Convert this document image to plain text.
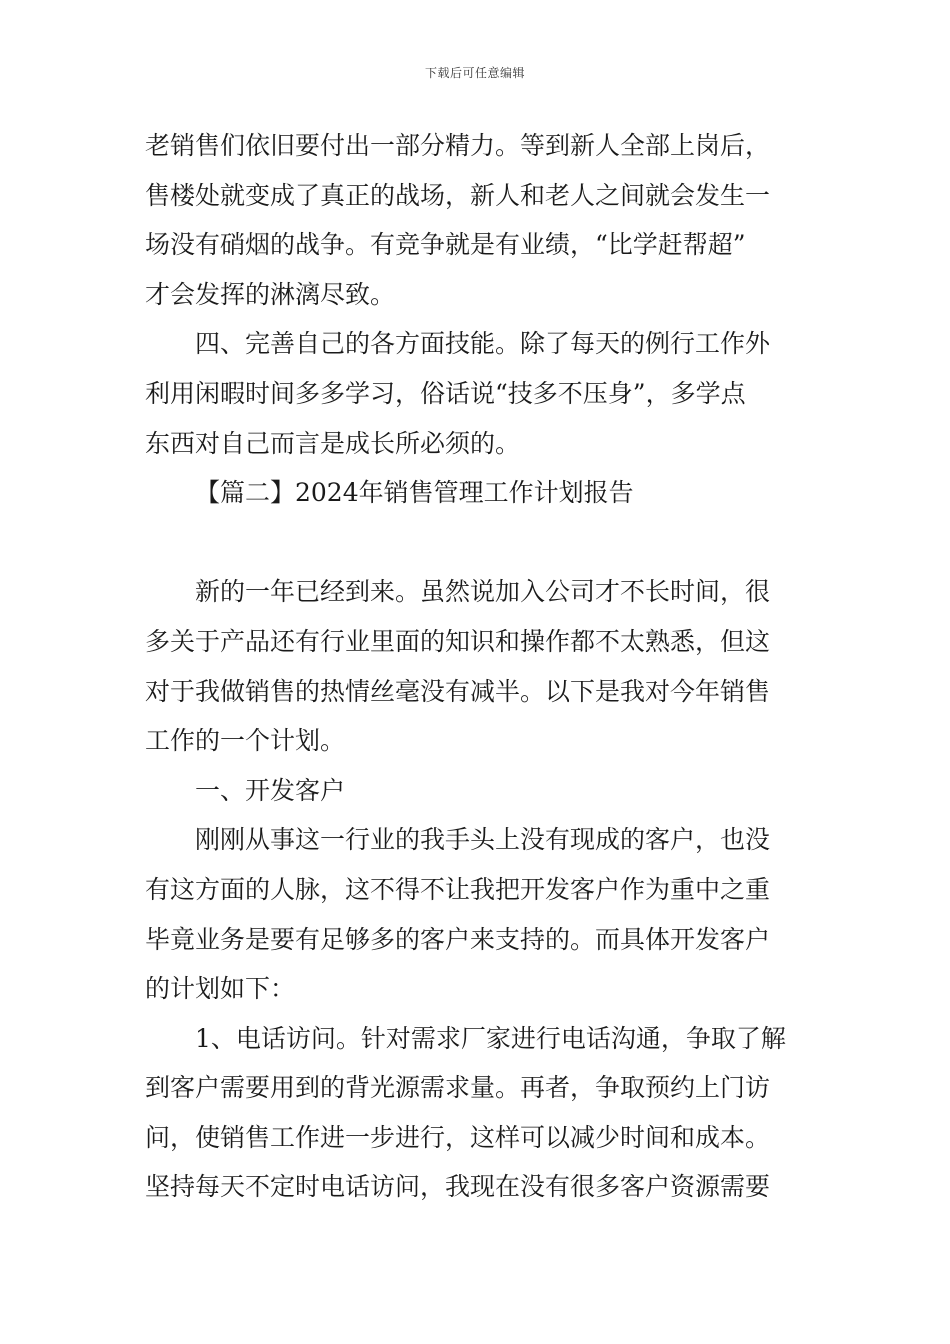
下载后可任意编辑
老销售们依旧要付出一部分精力。等到新人全部上岗后，
售楼处就变成了真正的战场，新人和老人之间就会发生一
场没有硝烟的战争。有竞争就是有业绩，“比学赶帮超”
才会发挥的淋漓尽致。
四、完善自己的各方面技能。除了每天的例行工作外
利用闲暇时间多多学习，俗话说“技多不压身”，多学点
东西对自己而言是成长所必须的。
【篇二】2024年销售管理工作计划报告
新的一年已经到来。虽然说加入公司才不长时间，很
多关于产品还有行业里面的知识和操作都不太熟悉，但这
对于我做销售的热情丝毫没有减半。以下是我对今年销售
工作的一个计划。
一、开发客户
刚刚从事这一行业的我手头上没有现成的客户，也没
有这方面的人脉，这不得不让我把开发客户作为重中之重
毕竟业务是要有足够多的客户来支持的。而具体开发客户
的计划如下：
1、电话访问。针对需求厂家进行电话沟通，争取了解
到客户需要用到的背光源需求量。再者，争取预约上门访
问，使销售工作进一步进行，这样可以减少时间和成本。
坚持每天不定时电话访问，我现在没有很多客户资源需要
